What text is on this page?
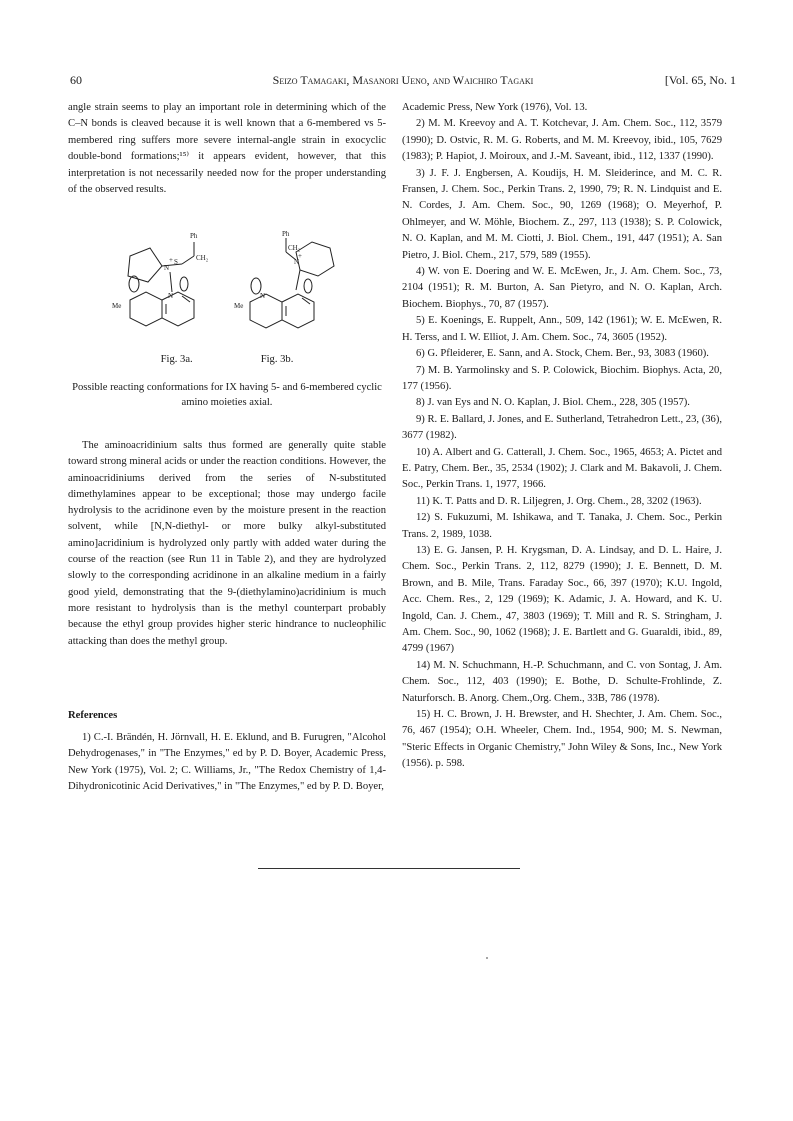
60	Seizo Tamagaki, Masanori Ueno, and Waichiro Tagaki	[Vol. 65, No. 1

angle strain seems to play an important role in determining which of the C–N bonds is cleaved because it is well known that a 6-membered vs 5-membered ring suffers more severe internal-angle strain in exocyclic double-bond formations;¹⁵⁾ it appears evident, however, that this interpretation is not necessarily needed now for the proper understanding of the observed results.

Ph
CH₂
N
S
+
N
Me
Ph
CH₂
N
+
N
Me
Fig. 3a.	Fig. 3b.
Possible reacting conformations for IX having 5- and 6-membered cyclic amino moieties axial.
The aminoacridinium salts thus formed are generally quite stable toward strong mineral acids or under the reaction conditions. However, the aminoacridiniums derived from the series of N-substituted dimethylamines appear to be exceptional; those may undergo facile hydrolysis to the acridinone even by the moisture present in the reaction solvent, while [N,N-diethyl- or more bulky alkyl-substituted amino]acridinium is hydrolyzed only partly with added water during the course of the reaction (see Run 11 in Table 2), and they are hydrolyzed slowly to the corresponding acridinone in an alkaline medium in a fairly good yield, demonstrating that the 9-(diethylamino)acridinium is much more resistant to hydrolysis than is the methyl counterpart probably because the ethyl group provides higher steric hindrance to nucleophilic attacking than does the methyl group.
References
1) C.-I. Brändén, H. Jörnvall, H. E. Eklund, and B. Furugren, "Alcohol Dehydrogenases," in "The Enzymes," ed by P. D. Boyer, Academic Press, New York (1975), Vol. 2; C. Williams, Jr., "The Redox Chemistry of 1,4-Dihydronicotinic Acid Derivatives," in "The Enzymes," ed by P. D. Boyer,

Academic Press, New York (1976), Vol. 13.

2) M. M. Kreevoy and A. T. Kotchevar, J. Am. Chem. Soc., 112, 3579 (1990); D. Ostvic, R. M. G. Roberts, and M. M. Kreevoy, ibid., 105, 7629 (1983); P. Hapiot, J. Moiroux, and J.-M. Saveant, ibid., 112, 1337 (1990).
3) J. F. J. Engbersen, A. Koudijs, H. M. Sleiderince, and M. C. R. Fransen, J. Chem. Soc., Perkin Trans. 2, 1990, 79; R. N. Lindquist and E. N. Cordes, J. Am. Chem. Soc., 90, 1269 (1968); O. Meyerhof, P. Ohlmeyer, and W. Möhle, Biochem. Z., 297, 113 (1938); S. P. Colowick, N. O. Kaplan, and M. M. Ciotti, J. Biol. Chem., 191, 447 (1951); A. San Pietro, J. Biol. Chem., 217, 579, 589 (1955).
4) W. von E. Doering and W. E. McEwen, Jr., J. Am. Chem. Soc., 73, 2104 (1951); R. M. Burton, A. San Pietyro, and N. O. Kaplan, Arch. Biochem. Biophys., 70, 87 (1957).
5) E. Koenings, E. Ruppelt, Ann., 509, 142 (1961); W. E. McEwen, R. H. Terss, and I. W. Elliot, J. Am. Chem. Soc., 74, 3605 (1952).
6) G. Pfleiderer, E. Sann, and A. Stock, Chem. Ber., 93, 3083 (1960).
7) M. B. Yarmolinsky and S. P. Colowick, Biochim. Biophys. Acta, 20, 177 (1956).
8) J. van Eys and N. O. Kaplan, J. Biol. Chem., 228, 305 (1957).
9) R. E. Ballard, J. Jones, and E. Sutherland, Tetrahedron Lett., 23, (36), 3677 (1982).
10) A. Albert and G. Catterall, J. Chem. Soc., 1965, 4653; A. Pictet and E. Patry, Chem. Ber., 35, 2534 (1902); J. Clark and M. Bakavoli, J. Chem. Soc., Perkin Trans. 1, 1977, 1966.
11) K. T. Patts and D. R. Liljegren, J. Org. Chem., 28, 3202 (1963).
12) S. Fukuzumi, M. Ishikawa, and T. Tanaka, J. Chem. Soc., Perkin Trans. 2, 1989, 1038.
13) E. G. Jansen, P. H. Krygsman, D. A. Lindsay, and D. L. Haire, J. Chem. Soc., Perkin Trans. 2, 112, 8279 (1990); J. E. Bennett, D. M. Brown, and B. Mile, Trans. Faraday Soc., 66, 397 (1970); K.U. Ingold, Acc. Chem. Res., 2, 129 (1969); K. Adamic, J. A. Howard, and K. U. Ingold, Can. J. Chem., 47, 3803 (1969); T. Mill and R. S. Stringham, J. Am. Chem. Soc., 90, 1062 (1968); J. E. Bartlett and G. Guaraldi, ibid., 89, 4799 (1967)
14) M. N. Schuchmann, H.-P. Schuchmann, and C. von Sontag, J. Am. Chem. Soc., 112, 403 (1990); E. Bothe, D. Schulte-Frohlinde, Z. Naturforsch. B. Anorg. Chem.,Org. Chem., 33B, 786 (1978).
15) H. C. Brown, J. H. Brewster, and H. Shechter, J. Am. Chem. Soc., 76, 467 (1954); O.H. Wheeler, Chem. Ind., 1954, 900; M. S. Newman, "Steric Effects in Organic Chemistry," John Wiley & Sons, Inc., New York (1956). p. 598.
